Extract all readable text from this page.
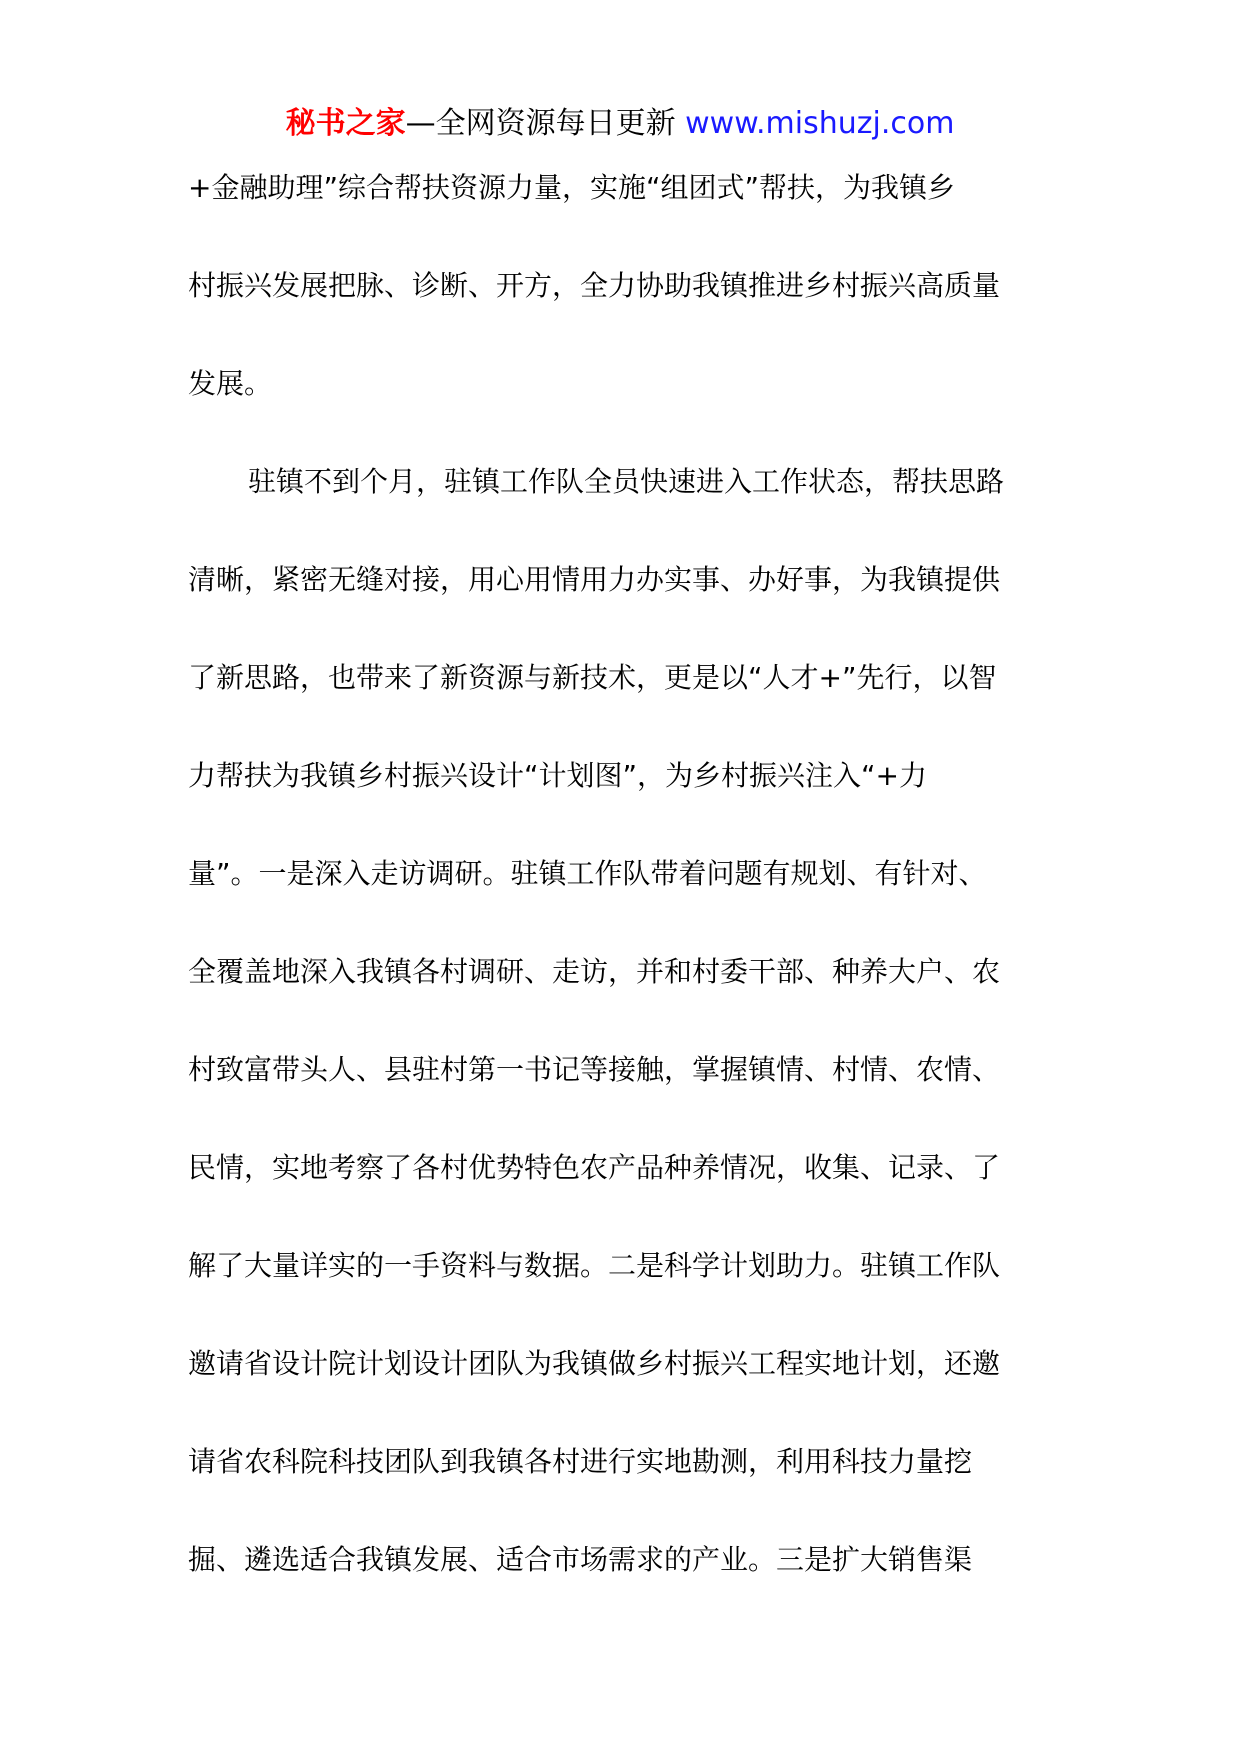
秘书之家—全网资源每日更新 www.mishuzj.com
+金融助理”综合帮扶资源力量，实施“组团式”帮扶，为我镇乡
村振兴发展把脉、诊断、开方，全力协助我镇推进乡村振兴高质量
发展。
驻镇不到个月，驻镇工作队全员快速进入工作状态，帮扶思路
清晰，紧密无缝对接，用心用情用力办实事、办好事，为我镇提供
了新思路，也带来了新资源与新技术，更是以“人才+”先行，以智
力帮扶为我镇乡村振兴设计“计划图”，为乡村振兴注入“+力
量”。一是深入走访调研。驻镇工作队带着问题有规划、有针对、
全覆盖地深入我镇各村调研、走访，并和村委干部、种养大户、农
村致富带头人、县驻村第一书记等接触，掌握镇情、村情、农情、
民情，实地考察了各村优势特色农产品种养情况，收集、记录、了
解了大量详实的一手资料与数据。二是科学计划助力。驻镇工作队
邀请省设计院计划设计团队为我镇做乡村振兴工程实地计划，还邀
请省农科院科技团队到我镇各村进行实地勘测，利用科技力量挖
掘、遴选适合我镇发展、适合市场需求的产业。三是扩大销售渠
